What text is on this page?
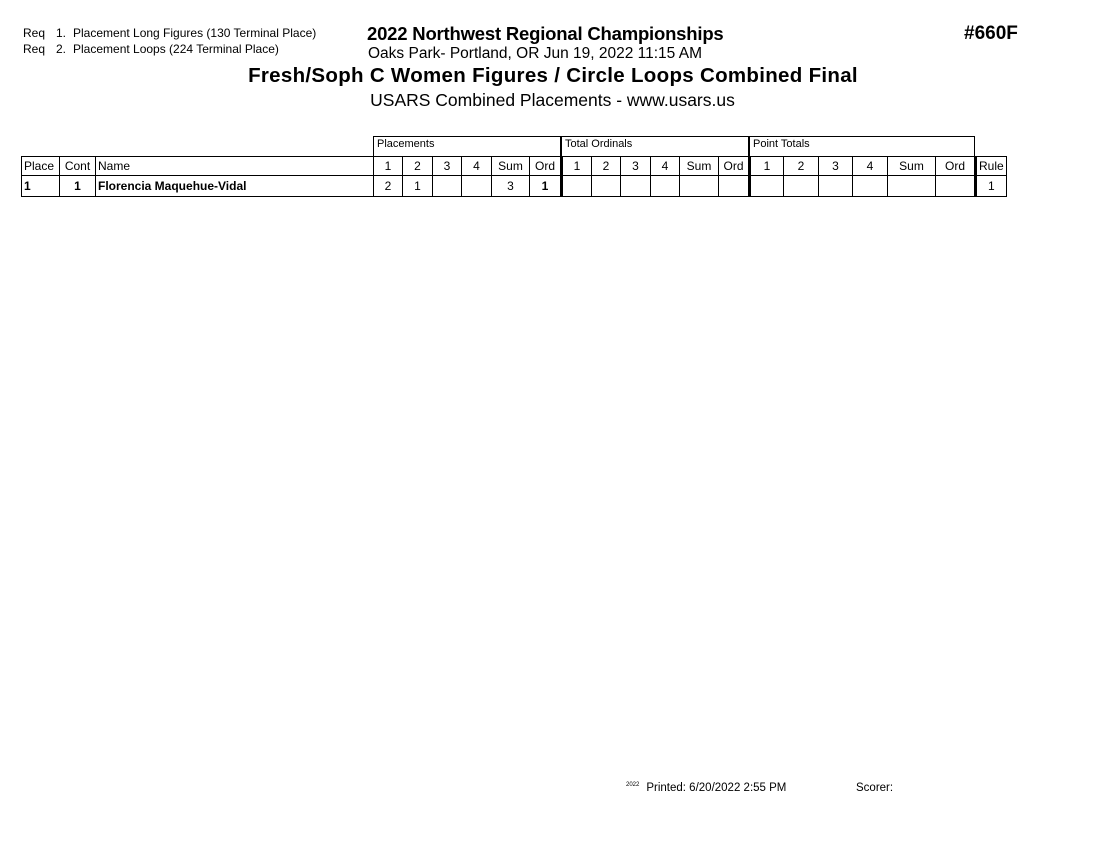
Req 1. Placement Long Figures (130 Terminal Place)
Req 2. Placement Loops (224 Terminal Place)
2022 Northwest Regional Championships
Oaks Park- Portland, OR Jun 19, 2022 11:15 AM
#660F
Fresh/Soph C Women Figures / Circle Loops Combined Final
USARS Combined Placements - www.usars.us
Placements	Total Ordinals	Point Totals
Place	Cont	Name	1	2	3	4	Sum	Ord	1	2	3	4	Sum	Ord	1	2	3	4	Sum	Ord	Rule
1	1	Florencia Maquehue-Vidal	2	1			3	1													1
$^{2022}$ Printed: 6/20/2022 2:55 PM	Scorer:
